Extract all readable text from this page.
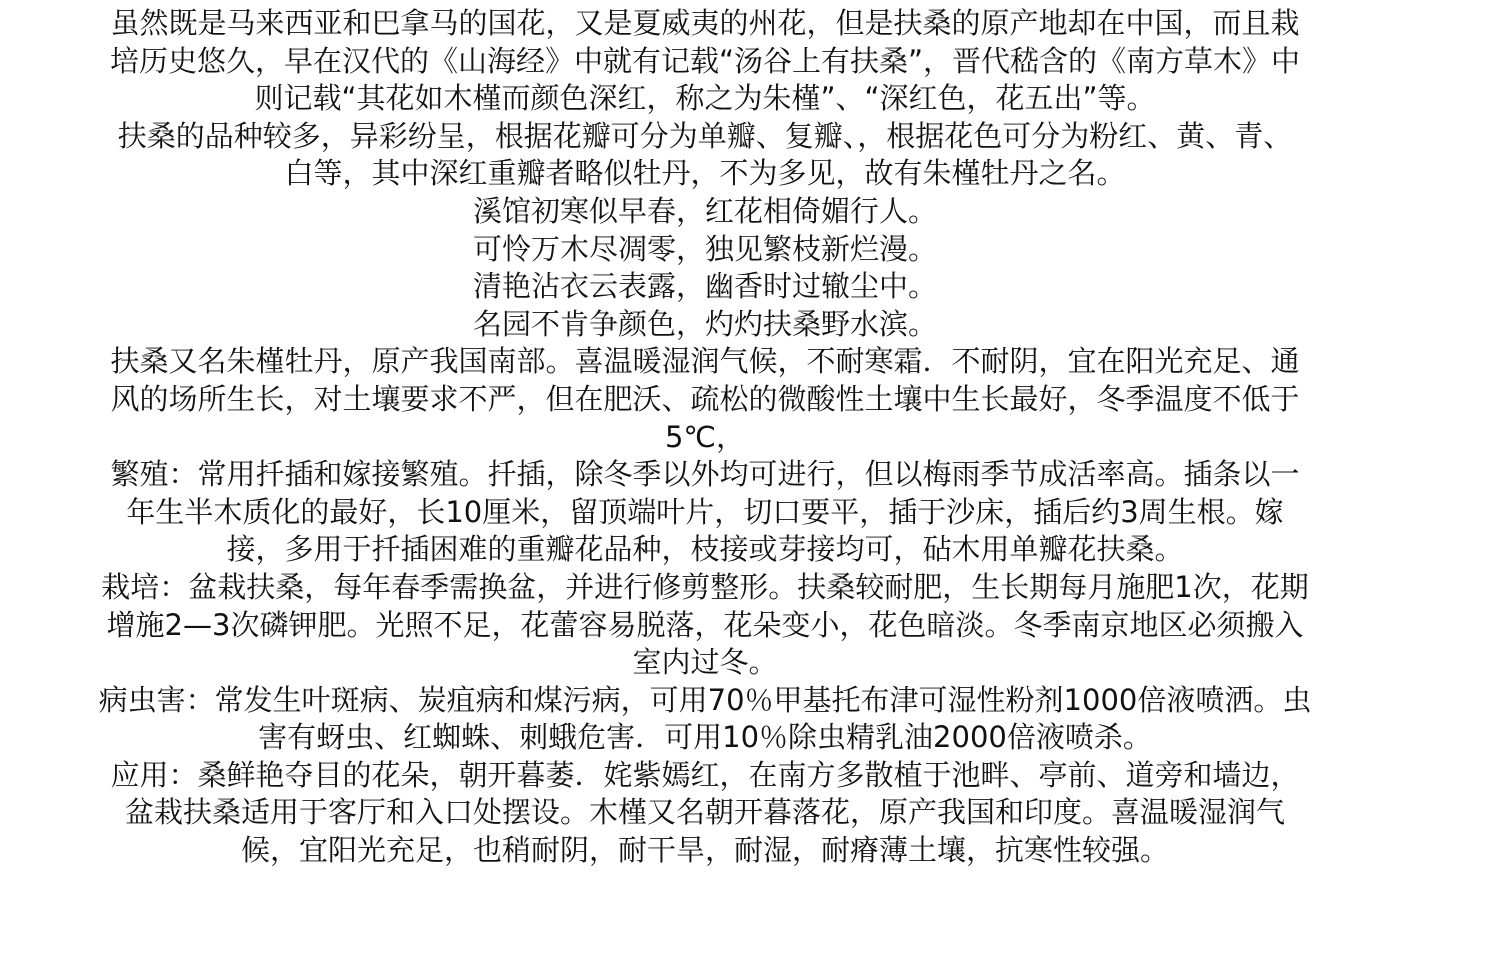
虽然既是马来西亚和巴拿马的国花，又是夏威夷的州花，但是扶桑的原产地却在中国，而且栽
培历史悠久，早在汉代的《山海经》中就有记载“汤谷上有扶桑”，晋代嵇含的《南方草木》中
则记载“其花如木槿而颜色深红，称之为朱槿”、“深红色，花五出”等。
扶桑的品种较多，异彩纷呈，根据花瓣可分为单瓣、复瓣、，根据花色可分为粉红、黄、青、
白等，其中深红重瓣者略似牡丹，不为多见，故有朱槿牡丹之名。
溪馆初寒似早春，红花相倚媚行人。
可怜万木尽凋零，独见繁枝新烂漫。
清艳沾衣云表露，幽香时过辙尘中。
名园不肯争颜色，灼灼扶桑野水滨。
扶桑又名朱槿牡丹，原产我国南部。喜温暖湿润气候，不耐寒霜．不耐阴，宜在阳光充足、通
风的场所生长，对土壤要求不严，但在肥沃、疏松的微酸性土壤中生长最好，冬季温度不低于
5℃，
繁殖：常用扦插和嫁接繁殖。扦插，除冬季以外均可进行，但以梅雨季节成活率高。插条以一
年生半木质化的最好，长10厘米，留顶端叶片，切口要平，插于沙床，插后约3周生根。嫁
接，多用于扦插困难的重瓣花品种，枝接或芽接均可，砧木用单瓣花扶桑。
栽培：盆栽扶桑，每年春季需换盆，并进行修剪整形。扶桑较耐肥，生长期每月施肥1次，花期
增施2—3次磷钾肥。光照不足，花蕾容易脱落，花朵变小，花色暗淡。冬季南京地区必须搬入
室内过冬。
病虫害：常发生叶斑病、炭疽病和煤污病，可用70％甲基托布津可湿性粉剂1000倍液喷洒。虫
害有蚜虫、红蜘蛛、刺蛾危害．可用10％除虫精乳油2000倍液喷杀。
应用：桑鲜艳夺目的花朵，朝开暮萎．姹紫嫣红，在南方多散植于池畔、亭前、道旁和墙边，
盆栽扶桑适用于客厅和入口处摆设。木槿又名朝开暮落花，原产我国和印度。喜温暖湿润气
候，宜阳光充足，也稍耐阴，耐干旱，耐湿，耐瘠薄土壤，抗寒性较强。
